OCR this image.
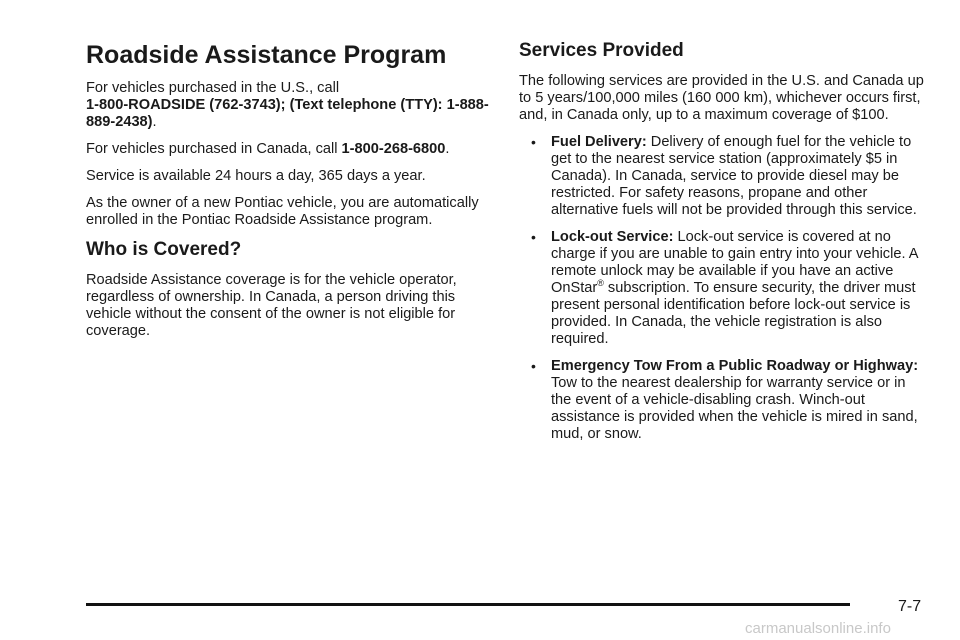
Roadside Assistance Program

For vehicles purchased in the U.S., call
1-800-ROADSIDE (762-3743); (Text telephone (TTY): 1-888-889-2438).

For vehicles purchased in Canada, call 1-800-268-6800.

Service is available 24 hours a day, 365 days a year.

As the owner of a new Pontiac vehicle, you are automatically enrolled in the Pontiac Roadside Assistance program.

Who is Covered?

Roadside Assistance coverage is for the vehicle operator, regardless of ownership. In Canada, a person driving this vehicle without the consent of the owner is not eligible for coverage.

Services Provided

The following services are provided in the U.S. and Canada up to 5 years/100,000 miles (160 000 km), whichever occurs first, and, in Canada only, up to a maximum coverage of $100.

• Fuel Delivery: Delivery of enough fuel for the vehicle to get to the nearest service station (approximately $5 in Canada). In Canada, service to provide diesel may be restricted. For safety reasons, propane and other alternative fuels will not be provided through this service.
• Lock-out Service: Lock-out service is covered at no charge if you are unable to gain entry into your vehicle. A remote unlock may be available if you have an active OnStar® subscription. To ensure security, the driver must present personal identification before lock-out service is provided. In Canada, the vehicle registration is also required.
• Emergency Tow From a Public Roadway or Highway: Tow to the nearest dealership for warranty service or in the event of a vehicle-disabling crash. Winch-out assistance is provided when the vehicle is mired in sand, mud, or snow.
7-7
carmanualsonline.info
